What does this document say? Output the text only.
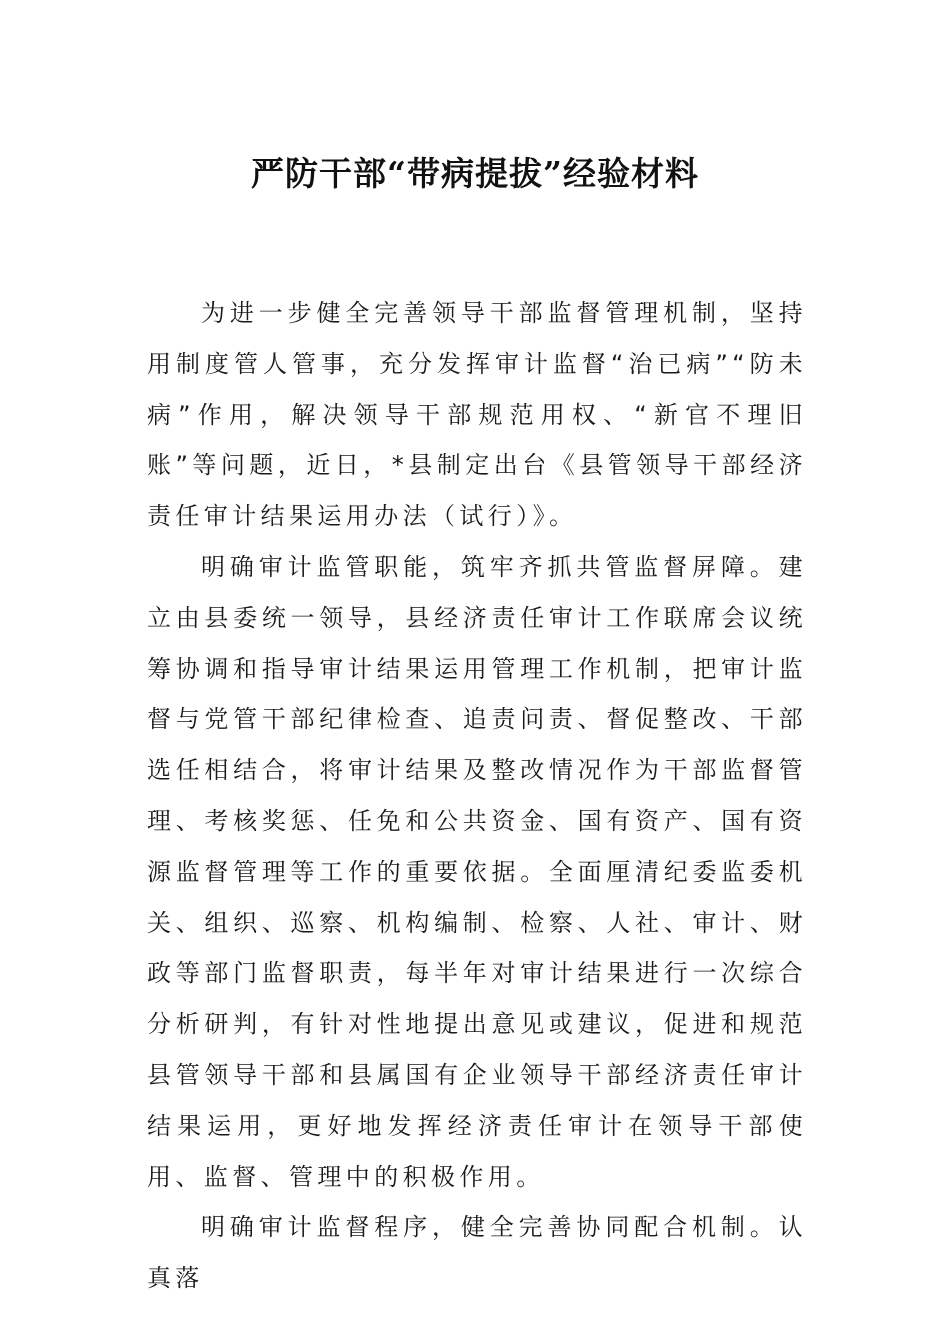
严防干部“带病提拔”经验材料

为进一步健全完善领导干部监督管理机制，坚持用制度管人管事，充分发挥审计监督“治已病”“防未病”作用，解决领导干部规范用权、“新官不理旧账”等问题，近日，*县制定出台《县管领导干部经济责任审计结果运用办法（试行）》。

明确审计监管职能，筑牢齐抓共管监督屏障。建立由县委统一领导，县经济责任审计工作联席会议统筹协调和指导审计结果运用管理工作机制，把审计监督与党管干部纪律检查、追责问责、督促整改、干部选任相结合，将审计结果及整改情况作为干部监督管理、考核奖惩、任免和公共资金、国有资产、国有资源监督管理等工作的重要依据。全面厘清纪委监委机关、组织、巡察、机构编制、检察、人社、审计、财政等部门监督职责，每半年对审计结果进行一次综合分析研判，有针对性地提出意见或建议，促进和规范县管领导干部和县属国有企业领导干部经济责任审计结果运用，更好地发挥经济责任审计在领导干部使用、监督、管理中的积极作用。

明确审计监督程序，健全完善协同配合机制。认真落
